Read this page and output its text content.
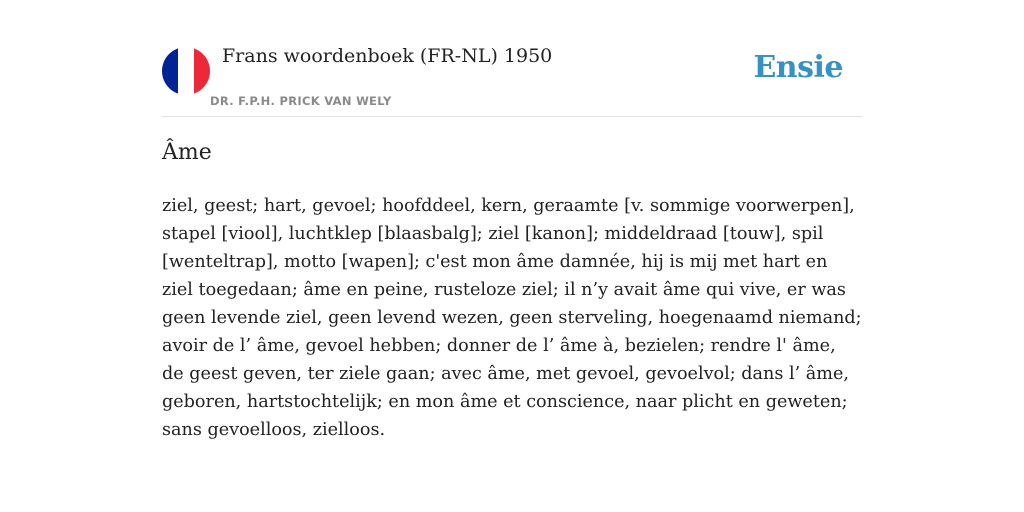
Frans woordenboek (FR-NL) 1950
DR. F.P.H. PRICK VAN WELY
Ensie
Âme

ziel, geest; hart, gevoel; hoofddeel, kern, geraamte [v. sommige voorwerpen], stapel [viool], luchtklep [blaasbalg]; ziel [kanon]; middeldraad [touw], spil [wenteltrap], motto [wapen]; c'est mon âme damnée, hij is mij met hart en ziel toegedaan; âme en peine, rusteloze ziel; il n’y avait âme qui vive, er was geen levende ziel, geen levend wezen, geen sterveling, hoegenaamd niemand; avoir de l’ âme, gevoel hebben; donner de l’ âme à, bezielen; rendre l' âme, de geest geven, ter ziele gaan; avec âme, met gevoel, gevoelvol; dans l’ âme, geboren, hartstochtelijk; en mon âme et conscience, naar plicht en geweten; sans gevoelloos, zielloos.
